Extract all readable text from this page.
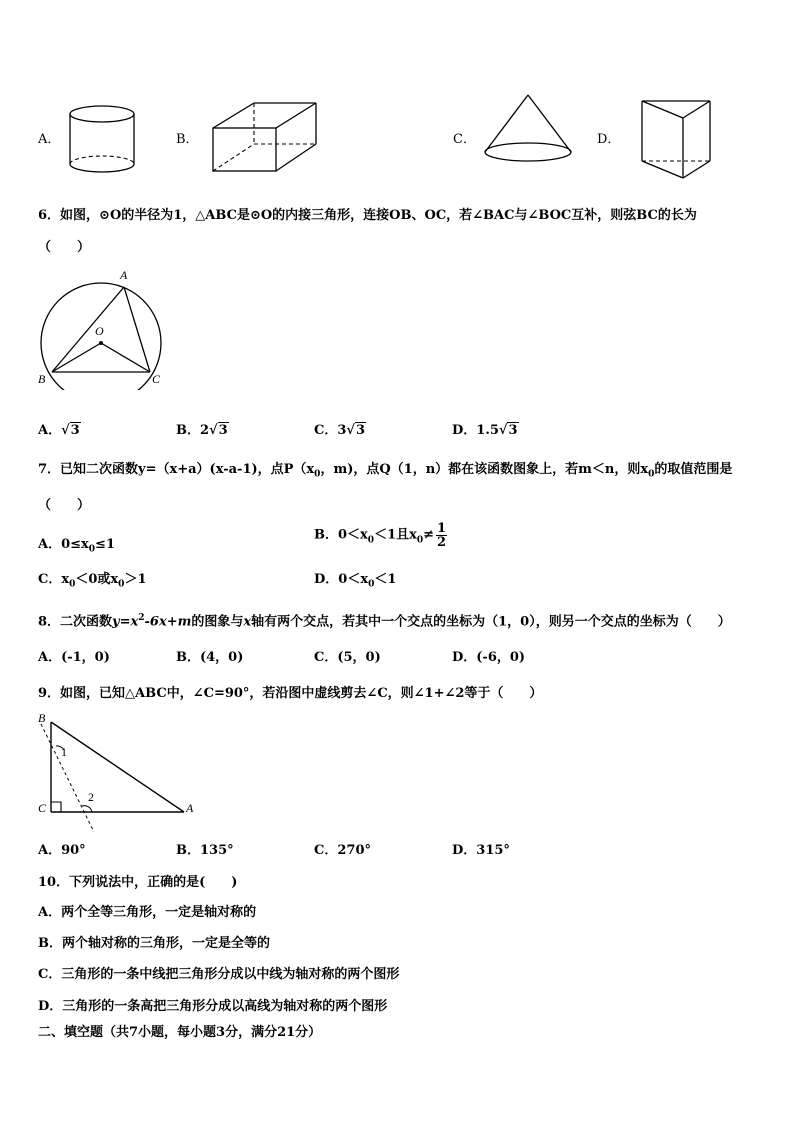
A．	B．	C．	D．
6．如图，⊙O的半径为1，△ABC是⊙O的内接三角形，连接OB、OC，若∠BAC与∠BOC互补，则弦BC的长为
（　　）
A
O
B	C
A．√3	B．2√3	C．3√3	D．1.5√3
7．已知二次函数y=（x+a）(x-a-1)，点$P(x_0$，m)，点Q（1，n）都在该函数图象上，若m＜n，则$x_0$的取值范围是
（　　）
A．$0\le x_0\le 1$
B．$0<x_0<1$且$x_0\ne \frac{1}{2}$
C．$x_0<0$或$x_0>1$	D．$0<x_0<1$
8．二次函数$y=x^2-6x+m$的图象与x轴有两个交点，若其中一个交点的坐标为（1，0），则另一个交点的坐标为（　　）
A．(-1，0)	B．(4，0)	C．(5，0)	D．(-6，0)
9．如图，已知△ABC中，∠C=90°，若沿图中虚线剪去∠C，则∠1+∠2等于（　　）
B
C	A
1
2
A．90°	B．135°	C．270°	D．315°
10．下列说法中，正确的是(　　)
A．两个全等三角形，一定是轴对称的
B．两个轴对称的三角形，一定是全等的
C．三角形的一条中线把三角形分成以中线为轴对称的两个图形
D．三角形的一条高把三角形分成以高线为轴对称的两个图形
二、填空题（共7小题，每小题3分，满分21分）
